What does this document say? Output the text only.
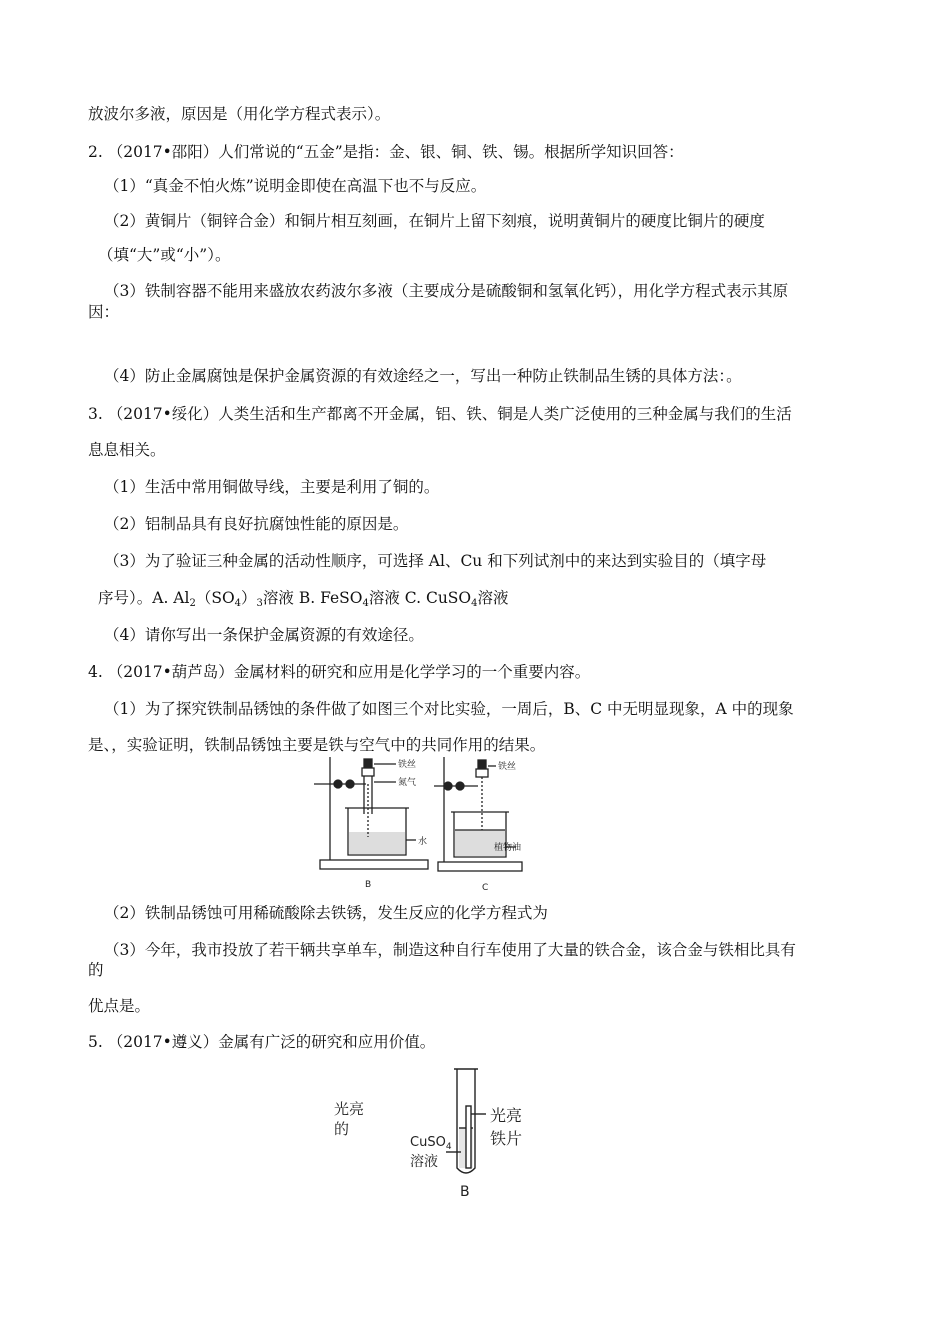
放波尔多液，原因是（用化学方程式表示）。
2. （2017•邵阳）人们常说的“五金”是指：金、银、铜、铁、锡。根据所学知识回答：
（1）“真金不怕火炼”说明金即使在高温下也不与反应。
（2）黄铜片（铜锌合金）和铜片相互刻画，在铜片上留下刻痕，说明黄铜片的硬度比铜片的硬度
（填“大”或“小”）。
（3）铁制容器不能用来盛放农药波尔多液（主要成分是硫酸铜和氢氧化钙），用化学方程式表示其原
因：
（4）防止金属腐蚀是保护金属资源的有效途经之一，写出一种防止铁制品生锈的具体方法：。
3. （2017•绥化）人类生活和生产都离不开金属，铝、铁、铜是人类广泛使用的三种金属与我们的生活
息息相关。
（1）生活中常用铜做导线，主要是利用了铜的。
（2）铝制品具有良好抗腐蚀性能的原因是。
（3）为了验证三种金属的活动性顺序，可选择 Al、Cu 和下列试剂中的来达到实验目的（填字母
序号）。A. $Al_2(SO_4)_3$溶液 B. FeSO$_4$溶液 C. CuSO$_4$溶液
（4）请你写出一条保护金属资源的有效途径。
4. （2017•葫芦岛）金属材料的研究和应用是化学学习的一个重要内容。
（1）为了探究铁制品锈蚀的条件做了如图三个对比实验，一周后，B、C 中无明显现象，A 中的现象
是、，实验证明，铁制品锈蚀主要是铁与空气中的共同作用的结果。
铁丝
氮气
水
B
铁丝
植物油
C
（2）铁制品锈蚀可用稀硫酸除去铁锈，发生反应的化学方程式为
（3）今年，我市投放了若干辆共享单车，制造这种自行车使用了大量的铁合金，该合金与铁相比具有
的
优点是。
5. （2017•遵义）金属有广泛的研究和应用价值。
光亮
的
CuSO$_4$
溶液
光亮
铁片
B
